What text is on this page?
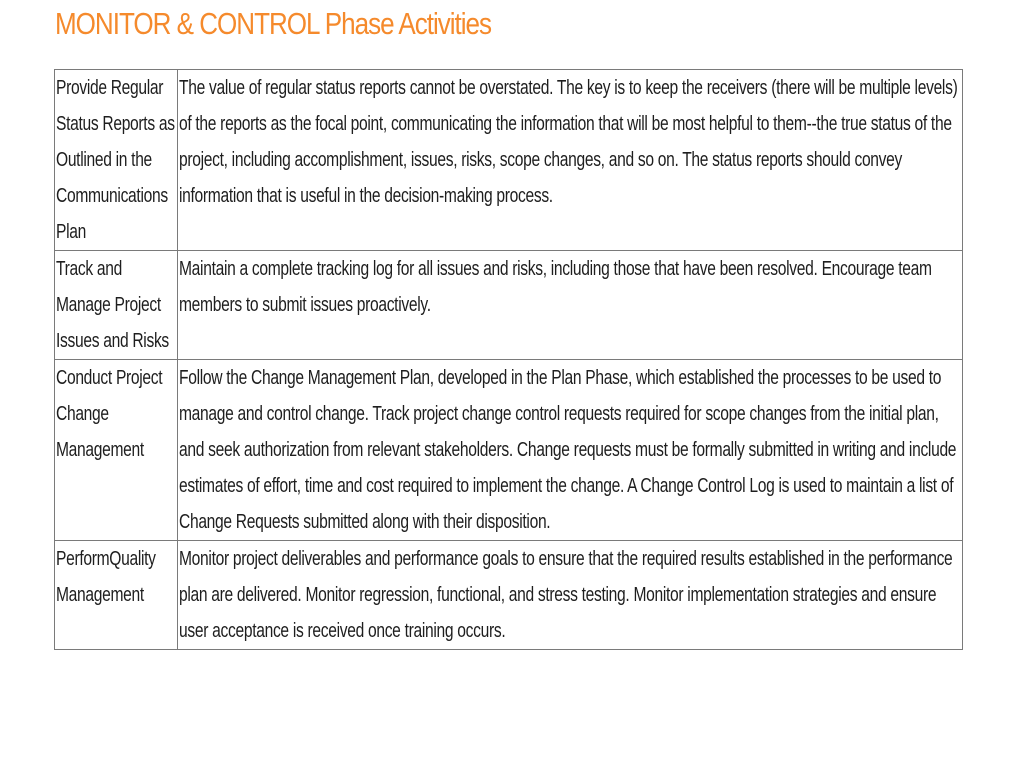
MONITOR & CONTROL Phase Activities
Provide Regular Status Reports as Outlined in the Communications Plan	The value of regular status reports cannot be overstated. The key is to keep the receivers (there will be multiple levels) of the reports as the focal point, communicating the information that will be most helpful to them--the true status of the project, including accomplishment, issues, risks, scope changes, and so on. The status reports should convey information that is useful in the decision-making process.
Track and Manage Project Issues and Risks	Maintain a complete tracking log for all issues and risks, including those that have been resolved. Encourage team members to submit issues proactively.
Conduct Project Change Management	Follow the Change Management Plan, developed in the Plan Phase, which established the processes to be used to manage and control change. Track project change control requests required for scope changes from the initial plan, and seek authorization from relevant stakeholders. Change requests must be formally submitted in writing and include estimates of effort, time and cost required to implement the change. A Change Control Log is used to maintain a list of Change Requests submitted along with their disposition.
PerformQuality Management	Monitor project deliverables and performance goals to ensure that the required results established in the performance plan are delivered. Monitor regression, functional, and stress testing. Monitor implementation strategies and ensure user acceptance is received once training occurs.
